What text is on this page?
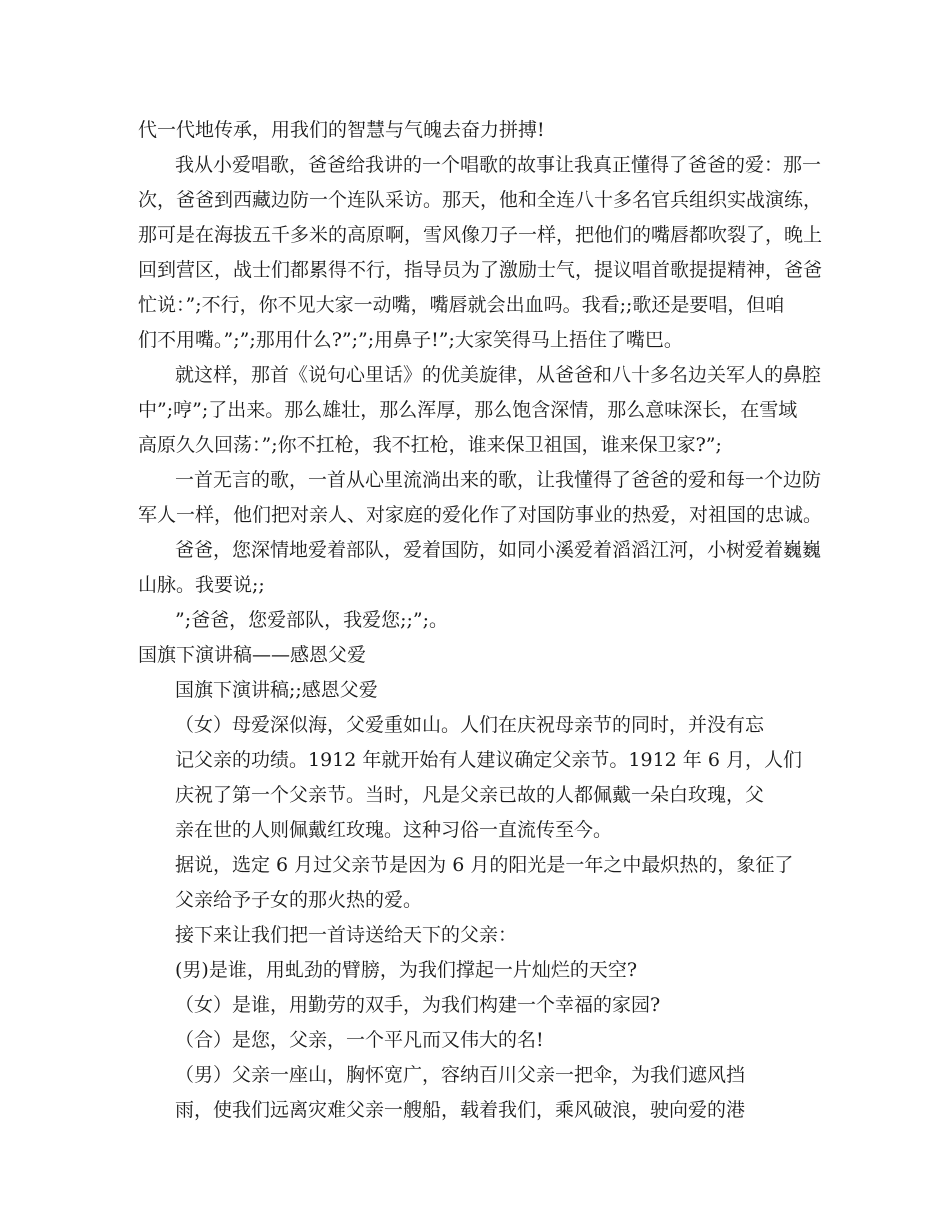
代一代地传承，用我们的智慧与气魄去奋力拼搏!
我从小爱唱歌，爸爸给我讲的一个唱歌的故事让我真正懂得了爸爸的爱：那一
次，爸爸到西藏边防一个连队采访。那天，他和全连八十多名官兵组织实战演练，
那可是在海拔五千多米的高原啊，雪风像刀子一样，把他们的嘴唇都吹裂了，晚上
回到营区，战士们都累得不行，指导员为了激励士气，提议唱首歌提提精神，爸爸
忙说：”;不行，你不见大家一动嘴，嘴唇就会出血吗。我看;;歌还是要唱，但咱
们不用嘴。”;”;那用什么?”;”;用鼻子!”;大家笑得马上捂住了嘴巴。
就这样，那首《说句心里话》的优美旋律，从爸爸和八十多名边关军人的鼻腔
中”;哼”;了出来。那么雄壮，那么浑厚，那么饱含深情，那么意味深长，在雪域
高原久久回荡：”;你不扛枪，我不扛枪，谁来保卫祖国，谁来保卫家?”;
一首无言的歌，一首从心里流淌出来的歌，让我懂得了爸爸的爱和每一个边防
军人一样，他们把对亲人、对家庭的爱化作了对国防事业的热爱，对祖国的忠诚。
爸爸，您深情地爱着部队，爱着国防，如同小溪爱着滔滔江河，小树爱着巍巍
山脉。我要说;;
”;爸爸，您爱部队，我爱您;;”;。
国旗下演讲稿——感恩父爱
国旗下演讲稿;;感恩父爱
（女）母爱深似海，父爱重如山。人们在庆祝母亲节的同时，并没有忘
记父亲的功绩。1912 年就开始有人建议确定父亲节。1912 年 6 月，人们
庆祝了第一个父亲节。当时，凡是父亲已故的人都佩戴一朵白玫瑰，父
亲在世的人则佩戴红玫瑰。这种习俗一直流传至今。
据说，选定 6 月过父亲节是因为 6 月的阳光是一年之中最炽热的，象征了
父亲给予子女的那火热的爱。
接下来让我们把一首诗送给天下的父亲：
(男)是谁，用虬劲的臂膀，为我们撑起一片灿烂的天空?
（女）是谁，用勤劳的双手，为我们构建一个幸福的家园?
（合）是您，父亲，一个平凡而又伟大的名!
（男）父亲一座山，胸怀宽广，容纳百川父亲一把伞，为我们遮风挡
雨，使我们远离灾难父亲一艘船，载着我们，乘风破浪，驶向爱的港
